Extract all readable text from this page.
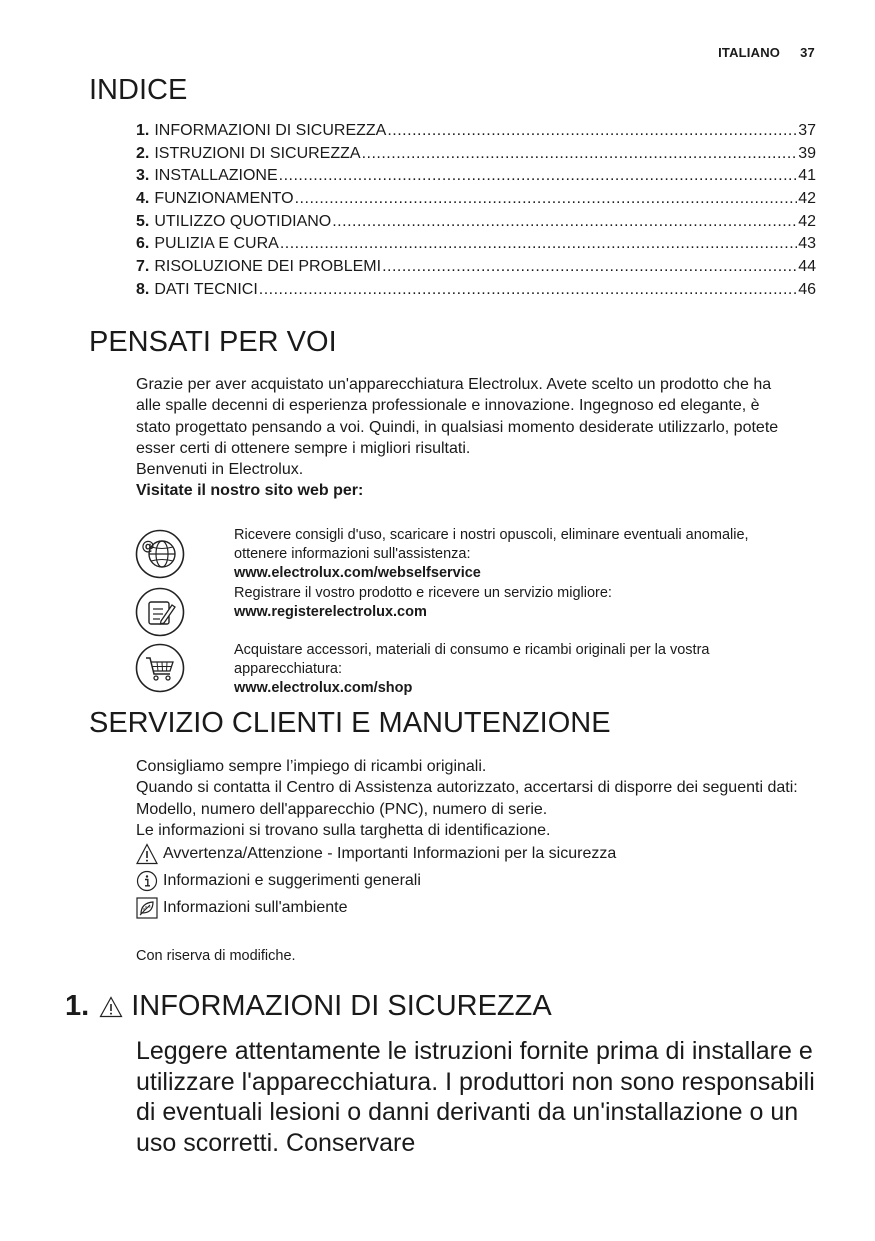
ITALIANO 37
INDICE
1. INFORMAZIONI DI SICUREZZA .....	37
2. ISTRUZIONI DI SICUREZZA .....	39
3. INSTALLAZIONE .....	41
4. FUNZIONAMENTO .....	42
5. UTILIZZO QUOTIDIANO .....	42
6. PULIZIA E CURA .....	43
7. RISOLUZIONE DEI PROBLEMI .....	44
8. DATI TECNICI .....	46
PENSATI PER VOI

Grazie per aver acquistato un'apparecchiatura Electrolux. Avete scelto un prodotto che ha alle spalle decenni di esperienza professionale e innovazione. Ingegnoso ed elegante, è stato progettato pensando a voi. Quindi, in qualsiasi momento desiderate utilizzarlo, potete esser certi di ottenere sempre i migliori risultati.

Benvenuti in Electrolux.

Visitate il nostro sito web per:

@

Ricevere consigli d'uso, scaricare i nostri opuscoli, eliminare eventuali anomalie, ottenere informazioni sull'assistenza:

www.electrolux.com/webselfservice

Registrare il vostro prodotto e ricevere un servizio migliore:

www.registerelectrolux.com

Acquistare accessori, materiali di consumo e ricambi originali per la vostra apparecchiatura:

www.electrolux.com/shop

SERVIZIO CLIENTI E MANUTENZIONE

Consigliamo sempre l’impiego di ricambi originali.

Quando si contatta il Centro di Assistenza autorizzato, accertarsi di disporre dei seguenti dati: Modello, numero dell'apparecchio (PNC), numero di serie.

Le informazioni si trovano sulla targhetta di identificazione.

Avvertenza/Attenzione - Importanti Informazioni per la sicurezza
Informazioni e suggerimenti generali
Informazioni sull'ambiente
Con riserva di modifiche.
1. INFORMAZIONI DI SICUREZZA

Leggere attentamente le istruzioni fornite prima di installare e utilizzare l'apparecchiatura. I produttori non sono responsabili di eventuali lesioni o danni derivanti da un'installazione o un uso scorretti. Conservare
